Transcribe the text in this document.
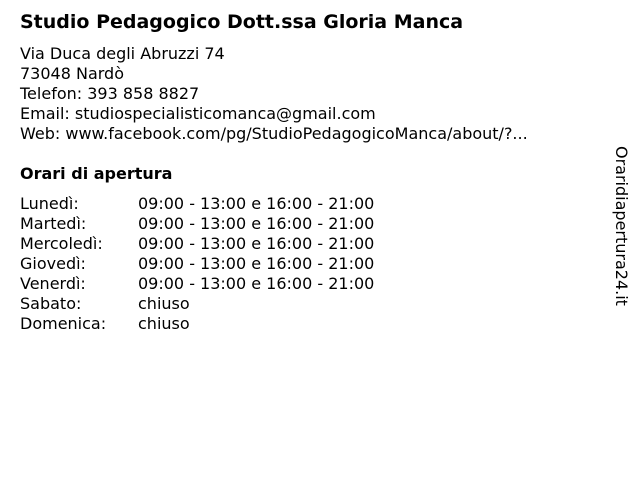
Studio Pedagogico Dott.ssa Gloria Manca
Via Duca degli Abruzzi 74
73048 Nardò
Telefon: 393 858 8827
Email: studiospecialisticomanca@gmail.com
Web: www.facebook.com/pg/StudioPedagogicoManca/about/?...
Orari di apertura
Lunedì:	09:00 - 13:00 e 16:00 - 21:00
Martedì:	09:00 - 13:00 e 16:00 - 21:00
Mercoledì:	09:00 - 13:00 e 16:00 - 21:00
Giovedì:	09:00 - 13:00 e 16:00 - 21:00
Venerdì:	09:00 - 13:00 e 16:00 - 21:00
Sabato:	chiuso
Domenica:	chiuso
Oraridiapertura24.it
